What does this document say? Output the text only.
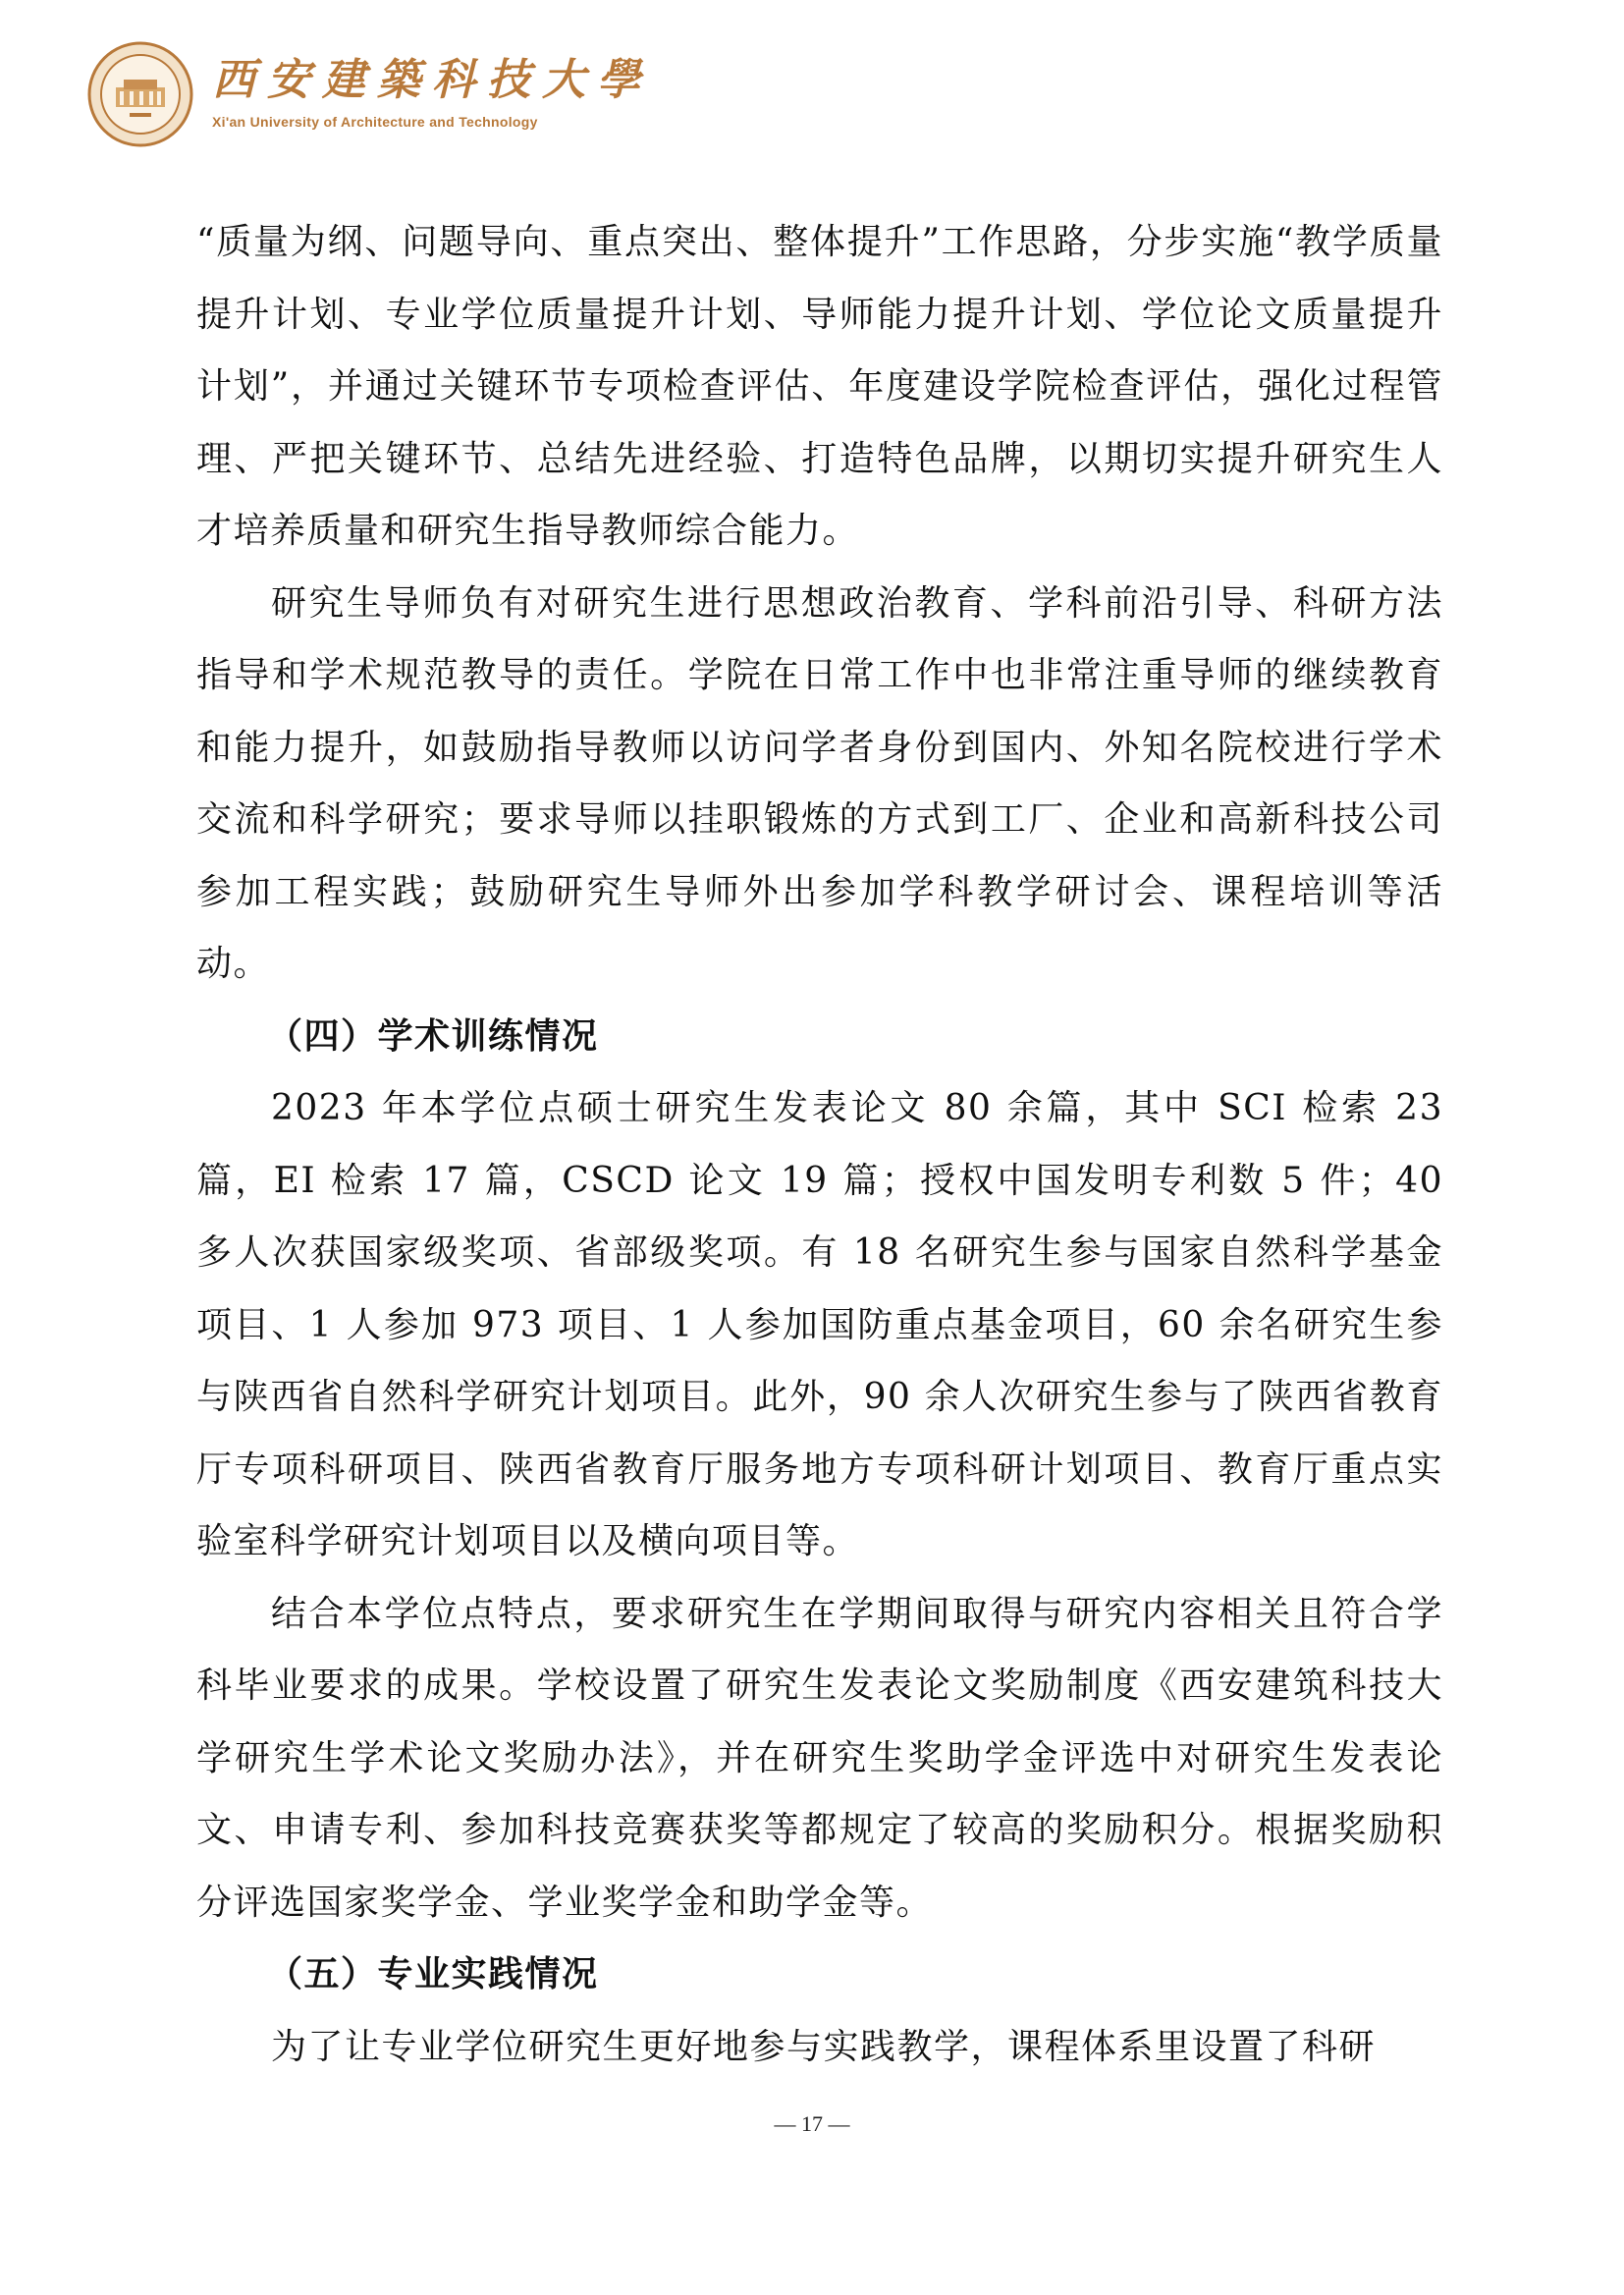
西安建築科技大學
Xi'an University of Architecture and Technology

“质量为纲、问题导向、重点突出、整体提升”工作思路，分步实施“教学质量提升计划、专业学位质量提升计划、导师能力提升计划、学位论文质量提升计划”，并通过关键环节专项检查评估、年度建设学院检查评估，强化过程管理、严把关键环节、总结先进经验、打造特色品牌，以期切实提升研究生人才培养质量和研究生指导教师综合能力。

研究生导师负有对研究生进行思想政治教育、学科前沿引导、科研方法指导和学术规范教导的责任。学院在日常工作中也非常注重导师的继续教育和能力提升，如鼓励指导教师以访问学者身份到国内、外知名院校进行学术交流和科学研究；要求导师以挂职锻炼的方式到工厂、企业和高新科技公司参加工程实践；鼓励研究生导师外出参加学科教学研讨会、课程培训等活动。

（四）学术训练情况

2023 年本学位点硕士研究生发表论文 80 余篇，其中 SCI 检索 23 篇，EI 检索 17 篇，CSCD 论文 19 篇；授权中国发明专利数 5 件；40 多人次获国家级奖项、省部级奖项。有 18 名研究生参与国家自然科学基金项目、1 人参加 973 项目、1 人参加国防重点基金项目，60 余名研究生参与陕西省自然科学研究计划项目。此外，90 余人次研究生参与了陕西省教育厅专项科研项目、陕西省教育厅服务地方专项科研计划项目、教育厅重点实验室科学研究计划项目以及横向项目等。

结合本学位点特点，要求研究生在学期间取得与研究内容相关且符合学科毕业要求的成果。学校设置了研究生发表论文奖励制度《西安建筑科技大学研究生学术论文奖励办法》，并在研究生奖助学金评选中对研究生发表论文、申请专利、参加科技竞赛获奖等都规定了较高的奖励积分。根据奖励积分评选国家奖学金、学业奖学金和助学金等。

（五）专业实践情况

为了让专业学位研究生更好地参与实践教学，课程体系里设置了科研

— 17 —
